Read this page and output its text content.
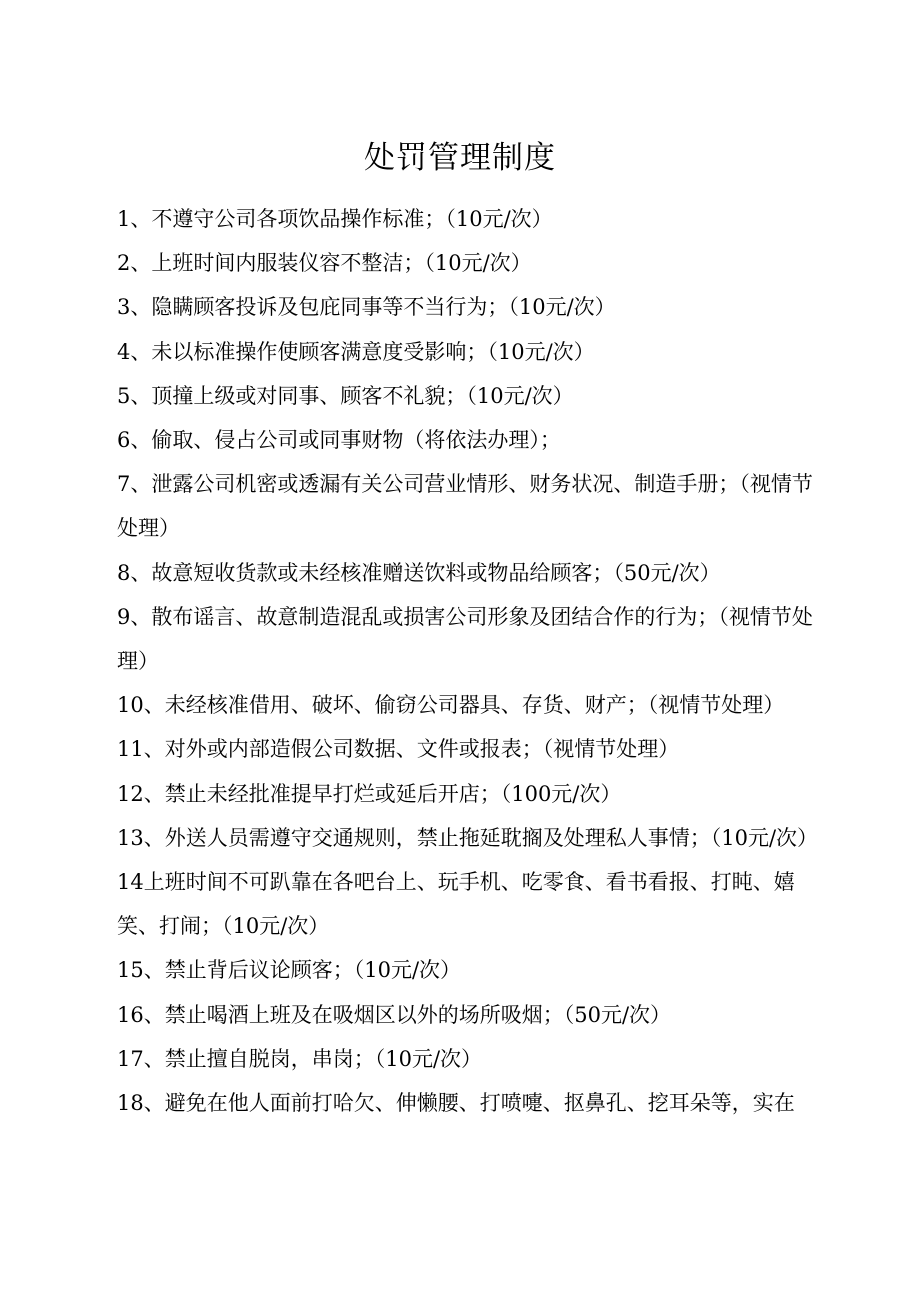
处罚管理制度
1、不遵守公司各项饮品操作标准；（10元/次）
2、上班时间内服装仪容不整洁；（10元/次）
3、隐瞒顾客投诉及包庇同事等不当行为；（10元/次）
4、未以标准操作使顾客满意度受影响；（10元/次）
5、顶撞上级或对同事、顾客不礼貌；（10元/次）
6、偷取、侵占公司或同事财物（将依法办理）；
7、泄露公司机密或透漏有关公司营业情形、财务状况、制造手册；（视情节处理）
8、故意短收货款或未经核准赠送饮料或物品给顾客；（50元/次）
9、散布谣言、故意制造混乱或损害公司形象及团结合作的行为；（视情节处理）
10、未经核准借用、破坏、偷窃公司器具、存货、财产；（视情节处理）
11、对外或内部造假公司数据、文件或报表；（视情节处理）
12、禁止未经批准提早打烂或延后开店；（100元/次）
13、外送人员需遵守交通规则，禁止拖延耽搁及处理私人事情；（10元/次）
14上班时间不可趴靠在各吧台上、玩手机、吃零食、看书看报、打盹、嬉笑、打闹；（10元/次）
15、禁止背后议论顾客；（10元/次）
16、禁止喝酒上班及在吸烟区以外的场所吸烟；（50元/次）
17、禁止擅自脱岗，串岗；（10元/次）
18、避免在他人面前打哈欠、伸懒腰、打喷嚏、抠鼻孔、挖耳朵等，实在
